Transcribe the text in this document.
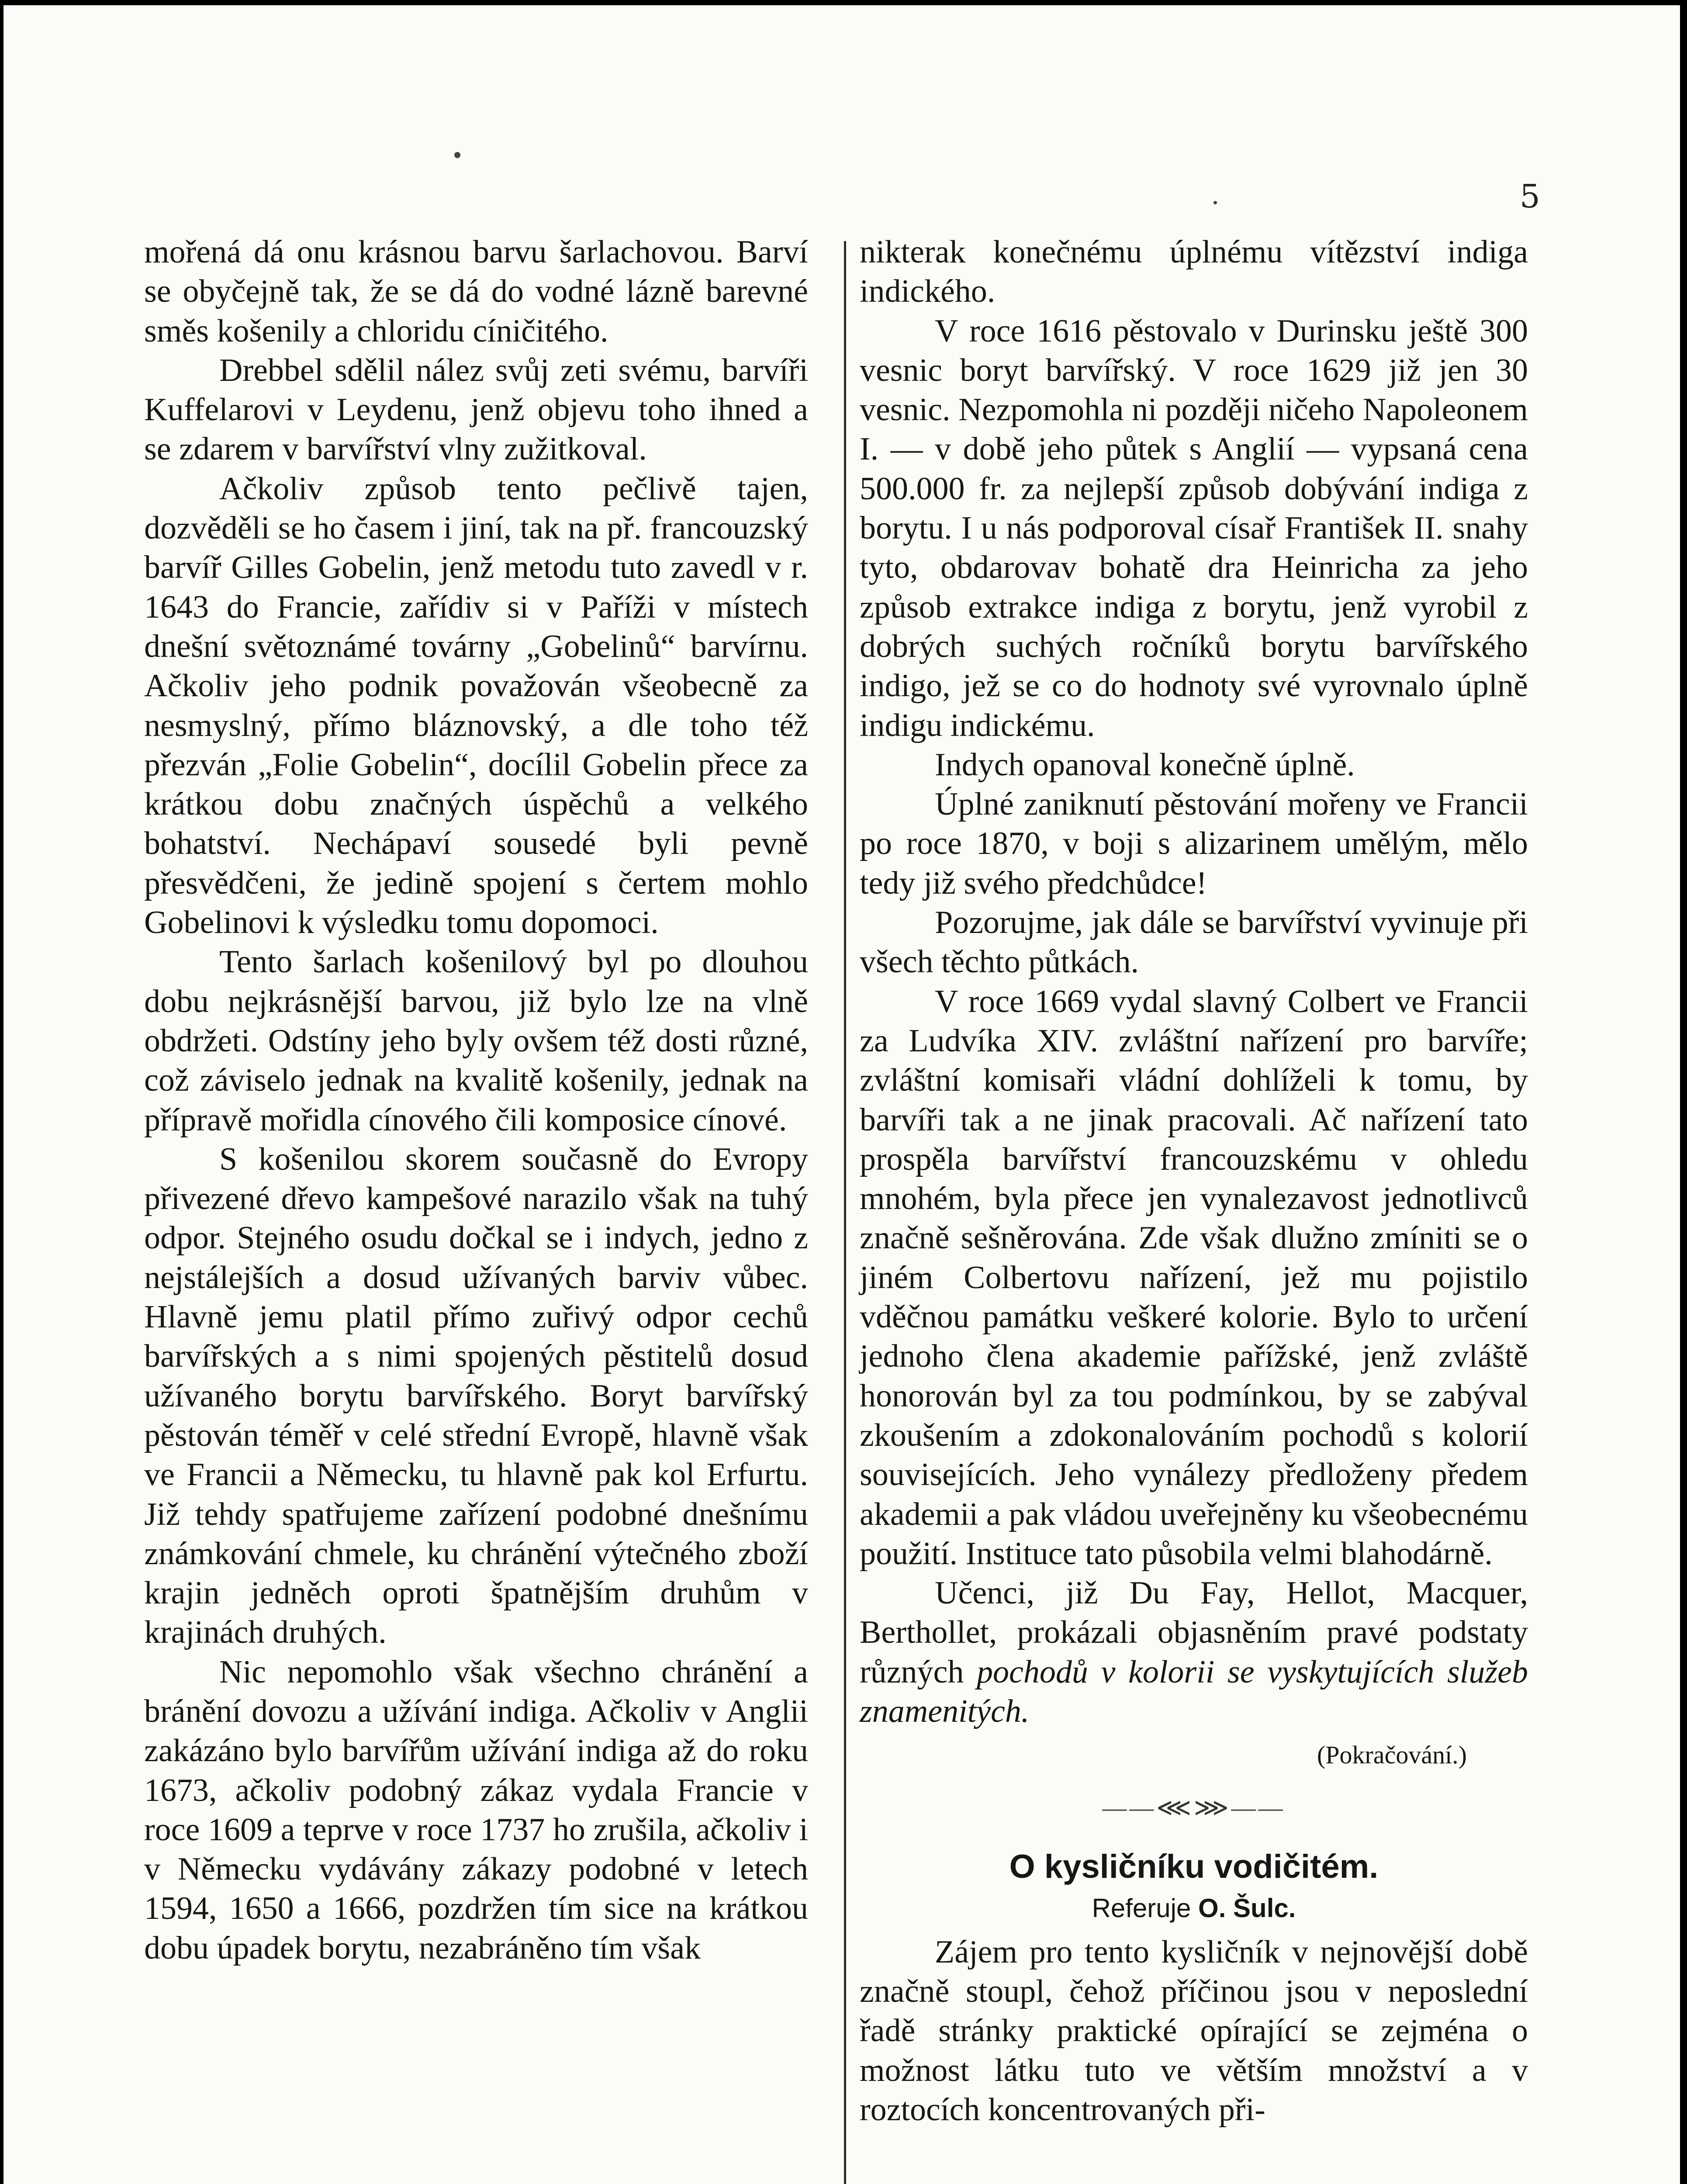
5

mořená dá onu krásnou barvu šarlachovou. Barví se obyčejně tak, že se dá do vodné lázně barevné směs košenily a chloridu cíničitého.

Drebbel sdělil nález svůj zeti svému, barvíři Kuffelarovi v Leydenu, jenž objevu toho ihned a se zdarem v barvířství vlny zužitkoval.

Ačkoliv způsob tento pečlivě tajen, dozvěděli se ho časem i jiní, tak na př. francouzský barvíř Gilles Gobelin, jenž metodu tuto zavedl v r. 1643 do Francie, zařídiv si v Paříži v místech dnešní světoznámé továrny „Gobelinů“ barvírnu. Ačkoliv jeho podnik považován všeobecně za nesmyslný, přímo bláznovský, a dle toho též přezván „Folie Gobelin“, docílil Gobelin přece za krátkou dobu značných úspěchů a velkého bohatství. Nechápaví sousedé byli pevně přesvědčeni, že jedině spojení s čertem mohlo Gobelinovi k výsledku tomu dopomoci.

Tento šarlach košenilový byl po dlouhou dobu nejkrásnější barvou, již bylo lze na vlně obdržeti. Odstíny jeho byly ovšem též dosti různé, což záviselo jednak na kvalitě košenily, jednak na přípravě mořidla cínového čili komposice cínové.

S košenilou skorem současně do Evropy přivezené dřevo kampešové narazilo však na tuhý odpor. Stejného osudu dočkal se i indych, jedno z nejstálejších a dosud užívaných barviv vůbec. Hlavně jemu platil přímo zuřivý odpor cechů barvířských a s nimi spojených pěstitelů dosud užívaného borytu barvířského. Boryt barvířský pěstován téměř v celé střední Evropě, hlavně však ve Francii a Německu, tu hlavně pak kol Erfurtu. Již tehdy spatřujeme zařízení podobné dnešnímu známkování chmele, ku chránění výtečného zboží krajin jedněch oproti špatnějším druhům v krajinách druhých.

Nic nepomohlo však všechno chránění a bránění dovozu a užívání indiga. Ačkoliv v Anglii zakázáno bylo barvířům užívání indiga až do roku 1673, ačkoliv podobný zákaz vydala Francie v roce 1609 a teprve v roce 1737 ho zrušila, ačkoliv i v Německu vydávány zákazy podobné v letech 1594, 1650 a 1666, pozdržen tím sice na krátkou dobu úpadek borytu, nezabráněno tím však

nikterak konečnému úplnému vítězství indiga indického.

V roce 1616 pěstovalo v Durinsku ještě 300 vesnic boryt barvířský. V roce 1629 již jen 30 vesnic. Nezpomohla ni později ničeho Napoleonem I. — v době jeho půtek s Anglií — vypsaná cena 500.000 fr. za nejlepší způsob dobývání indiga z borytu. I u nás podporoval císař František II. snahy tyto, obdarovav bohatě dra Heinricha za jeho způsob extrakce indiga z borytu, jenž vyrobil z dobrých suchých ročníků borytu barvířského indigo, jež se co do hodnoty své vyrovnalo úplně indigu indickému.

Indych opanoval konečně úplně.

Úplné zaniknutí pěstování mořeny ve Francii po roce 1870, v boji s alizarinem umělým, mělo tedy již svého předchůdce!

Pozorujme, jak dále se barvířství vyvinuje při všech těchto půtkách.

V roce 1669 vydal slavný Colbert ve Francii za Ludvíka XIV. zvláštní nařízení pro barvíře; zvláštní komisaři vládní dohlíželi k tomu, by barvíři tak a ne jinak pracovali. Ač nařízení tato prospěla barvířství francouzskému v ohledu mnohém, byla přece jen vynalezavost jednotlivců značně sešněrována. Zde však dlužno zmíniti se o jiném Colbertovu nařízení, jež mu pojistilo vděčnou památku veškeré kolorie. Bylo to určení jednoho člena akademie pařížské, jenž zvláště honorován byl za tou podmínkou, by se zabýval zkoušením a zdokonalováním pochodů s kolorií souvisejících. Jeho vynálezy předloženy předem akademii a pak vládou uveřejněny ku všeobecnému použití. Instituce tato působila velmi blahodárně.

Učenci, již Du Fay, Hellot, Macquer, Berthollet, prokázali objasněním pravé podstaty různých pochodů v kolorii se vyskytujících služeb znamenitých.

(Pokračování.)
——⋘⋙——
O kysličníku vodičitém.
Referuje O. Šulc.

Zájem pro tento kysličník v nejnovější době značně stoupl, čehož příčinou jsou v neposlední řadě stránky praktické opírající se zejména o možnost látku tuto ve větším množství a v roztocích koncentrovaných při-
